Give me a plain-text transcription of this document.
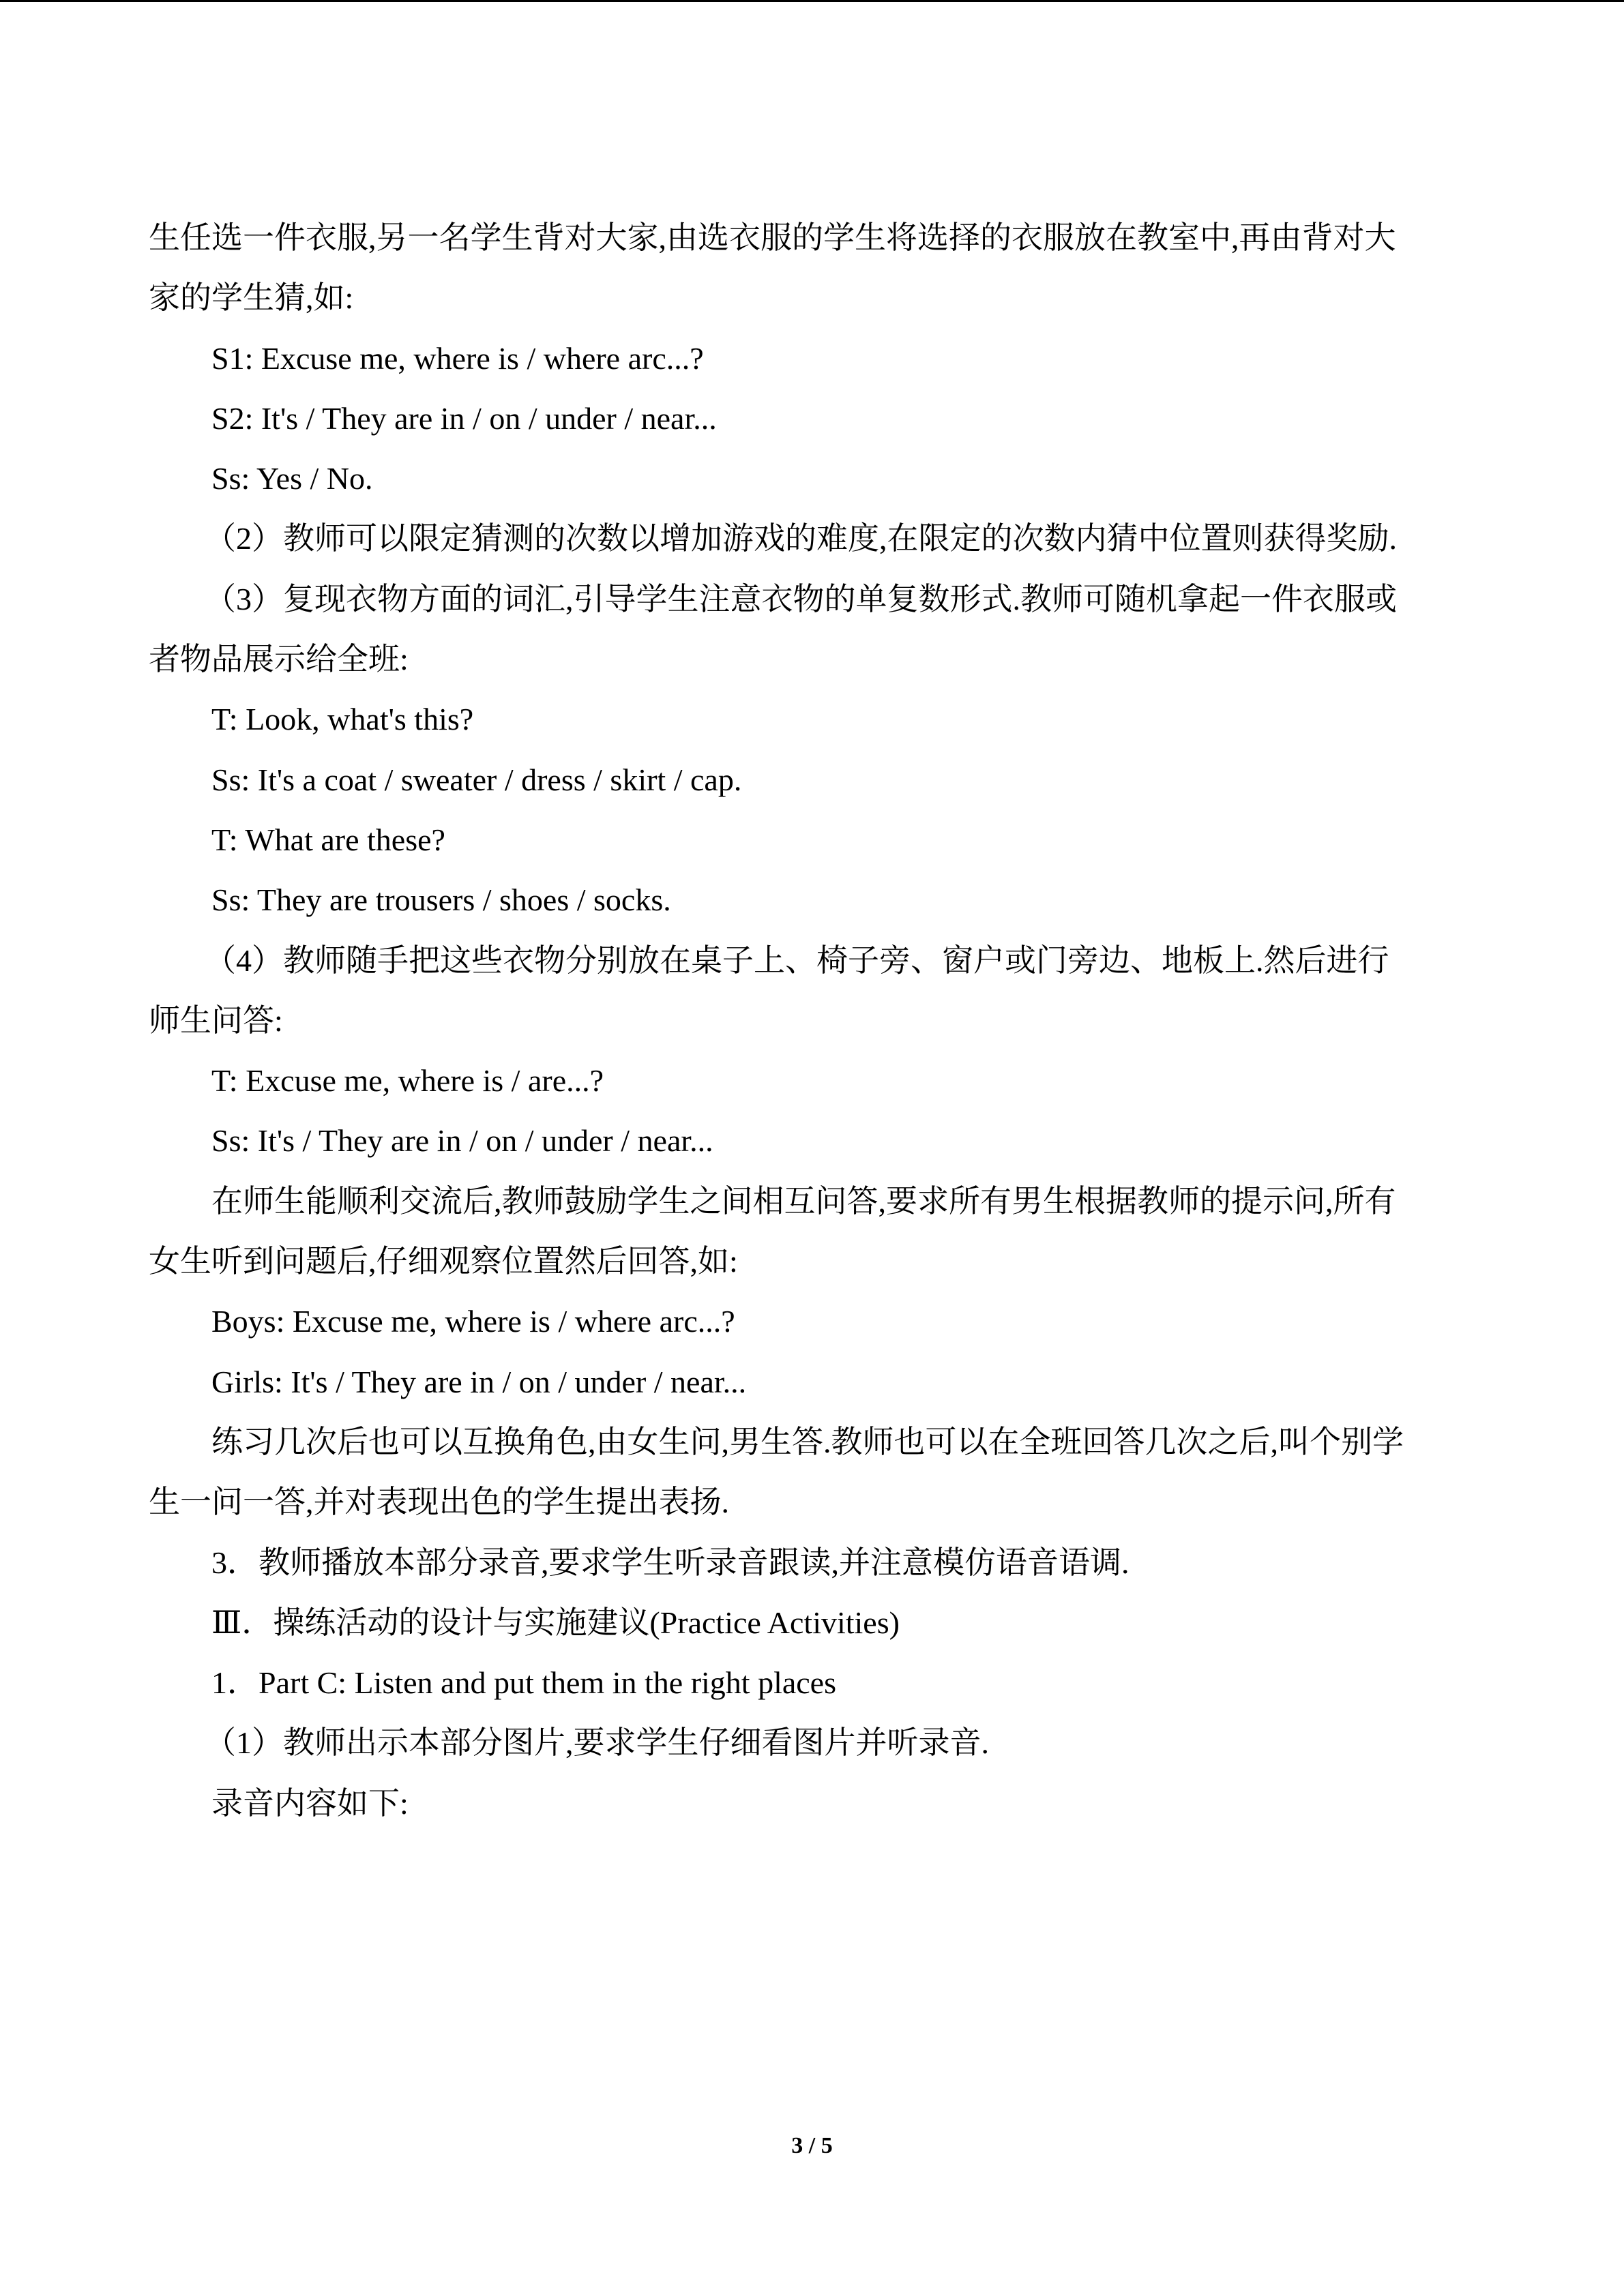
生任选一件衣服,另一名学生背对大家,由选衣服的学生将选择的衣服放在教室中,再由背对大
家的学生猜,如:
S1: Excuse me, where is / where arc...?
S2: It's / They are in / on / under / near...
Ss: Yes / No.
（2）教师可以限定猜测的次数以增加游戏的难度,在限定的次数内猜中位置则获得奖励.
（3）复现衣物方面的词汇,引导学生注意衣物的单复数形式.教师可随机拿起一件衣服或
者物品展示给全班:
T: Look, what's this?
Ss: It's a coat / sweater / dress / skirt / cap.
T: What are these?
Ss: They are trousers / shoes / socks.
（4）教师随手把这些衣物分别放在桌子上、椅子旁、窗户或门旁边、地板上.然后进行
师生问答:
T: Excuse me, where is / are...?
Ss: It's / They are in / on / under / near...
在师生能顺利交流后,教师鼓励学生之间相互问答,要求所有男生根据教师的提示问,所有
女生听到问题后,仔细观察位置然后回答,如:
Boys: Excuse me, where is / where arc...?
Girls: It's / They are in / on / under / near...
练习几次后也可以互换角色,由女生问,男生答.教师也可以在全班回答几次之后,叫个别学
生一问一答,并对表现出色的学生提出表扬.
3．教师播放本部分录音,要求学生听录音跟读,并注意模仿语音语调.
Ⅲ．操练活动的设计与实施建议(Practice Activities)
1．Part C: Listen and put them in the right places
（1）教师出示本部分图片,要求学生仔细看图片并听录音.
录音内容如下:
3 / 5
